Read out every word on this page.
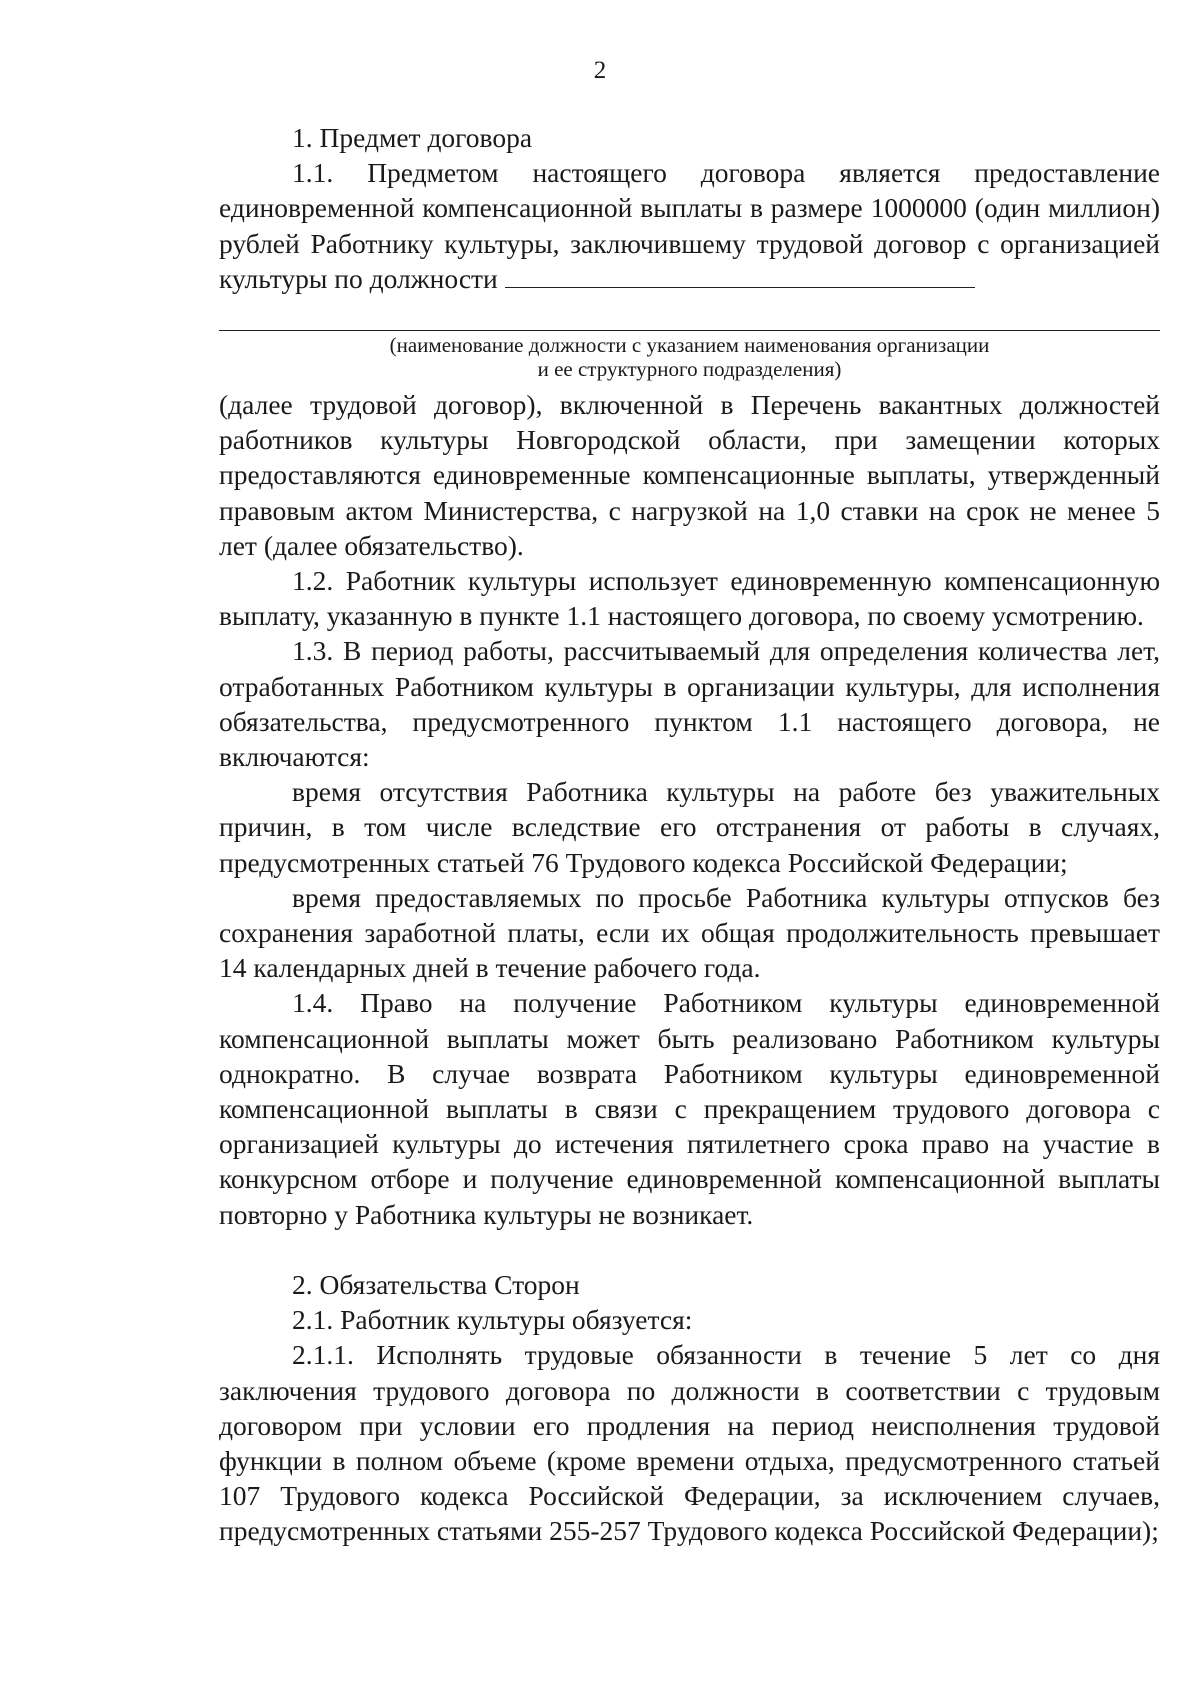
2

1. Предмет договора

1.1. Предметом настоящего договора является предоставление единовременной компенсационной выплаты в размере 1000000 (один миллион) рублей Работнику культуры, заключившему трудовой договор с организацией культуры по должности

(наименование должности с указанием наименования организации
и ее структурного подразделения)

(далее трудовой договор), включенной в Перечень вакантных должностей работников культуры Новгородской области, при замещении которых предоставляются единовременные компенсационные выплаты, утвержденный правовым актом Министерства, с нагрузкой на 1,0 ставки на срок не менее 5 лет (далее обязательство).

1.2. Работник культуры использует единовременную компенсационную выплату, указанную в пункте 1.1 настоящего договора, по своему усмотрению.

1.3. В период работы, рассчитываемый для определения количества лет, отработанных Работником культуры в организации культуры, для исполнения обязательства, предусмотренного пунктом 1.1 настоящего договора, не включаются:

время отсутствия Работника культуры на работе без уважительных причин, в том числе вследствие его отстранения от работы в случаях, предусмотренных статьей 76 Трудового кодекса Российской Федерации;

время предоставляемых по просьбе Работника культуры отпусков без сохранения заработной платы, если их общая продолжительность превышает 14 календарных дней в течение рабочего года.

1.4. Право на получение Работником культуры единовременной компенсационной выплаты может быть реализовано Работником культуры однократно. В случае возврата Работником культуры единовременной компенсационной выплаты в связи с прекращением трудового договора с организацией культуры до истечения пятилетнего срока право на участие в конкурсном отборе и получение единовременной компенсационной выплаты повторно у Работника культуры не возникает.

2. Обязательства Сторон

2.1. Работник культуры обязуется:

2.1.1. Исполнять трудовые обязанности в течение 5 лет со дня заключения трудового договора по должности в соответствии с трудовым договором при условии его продления на период неисполнения трудовой функции в полном объеме (кроме времени отдыха, предусмотренного статьей 107 Трудового кодекса Российской Федерации, за исключением случаев, предусмотренных статьями 255-257 Трудового кодекса Российской Федерации);
